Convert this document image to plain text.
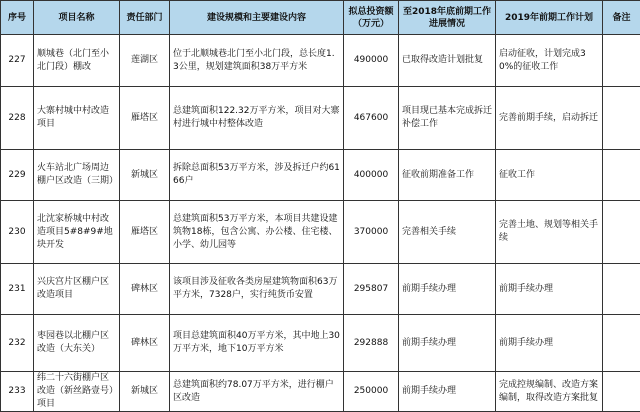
序号	项目名称	责任部门	建设规模和主要建设内容	拟总投资额（万元）	至2018年底前期工作进展情况	2019年前期工作计划	备注
227	顺城巷（北门至小北门段）棚改	莲湖区	位于北顺城巷北门至小北门段，总长度1.3公里，规划建筑面积38万平方米	490000	已取得改造计划批复	启动征收，计划完成30%的征收工作	
228	大寨村城中村改造项目	雁塔区	总建筑面积122.32万平方米，项目对大寨村进行城中村整体改造	467600	项目现已基本完成拆迁补偿工作	完善前期手续，启动拆迁	
229	火车站北广场周边棚户区改造（三期）	新城区	拆除总面积53万平方米，涉及拆迁户约6166户	400000	征收前期准备工作	征收工作	
230	北沈家桥城中村改造项目5#8#9#地块开发	雁塔区	总建筑面积53万平方米，本项目共建设建筑物18栋，包含公寓、办公楼、住宅楼、小学、幼儿园等	370000	完善相关手续	完善土地、规划等相关手续	
231	兴庆宫片区棚户区改造项目	碑林区	该项目涉及征收各类房屋建筑物面积63万平方米，7328户，实行纯货币安置	295807	前期手续办理	前期手续办理	
232	枣园巷以北棚户区改造（大东关）	碑林区	项目总建筑面积40万平方米，其中地上30万平方米，地下10万平方米	292888	前期手续办理	前期手续办理	
233	纬二十六街棚户区改造（新丝路壹号）项目	新城区	总建筑面积约78.07万平方米，进行棚户区改造	250000	前期手续办理	完成控规编制、改造方案编制，取得改造方案批复	
